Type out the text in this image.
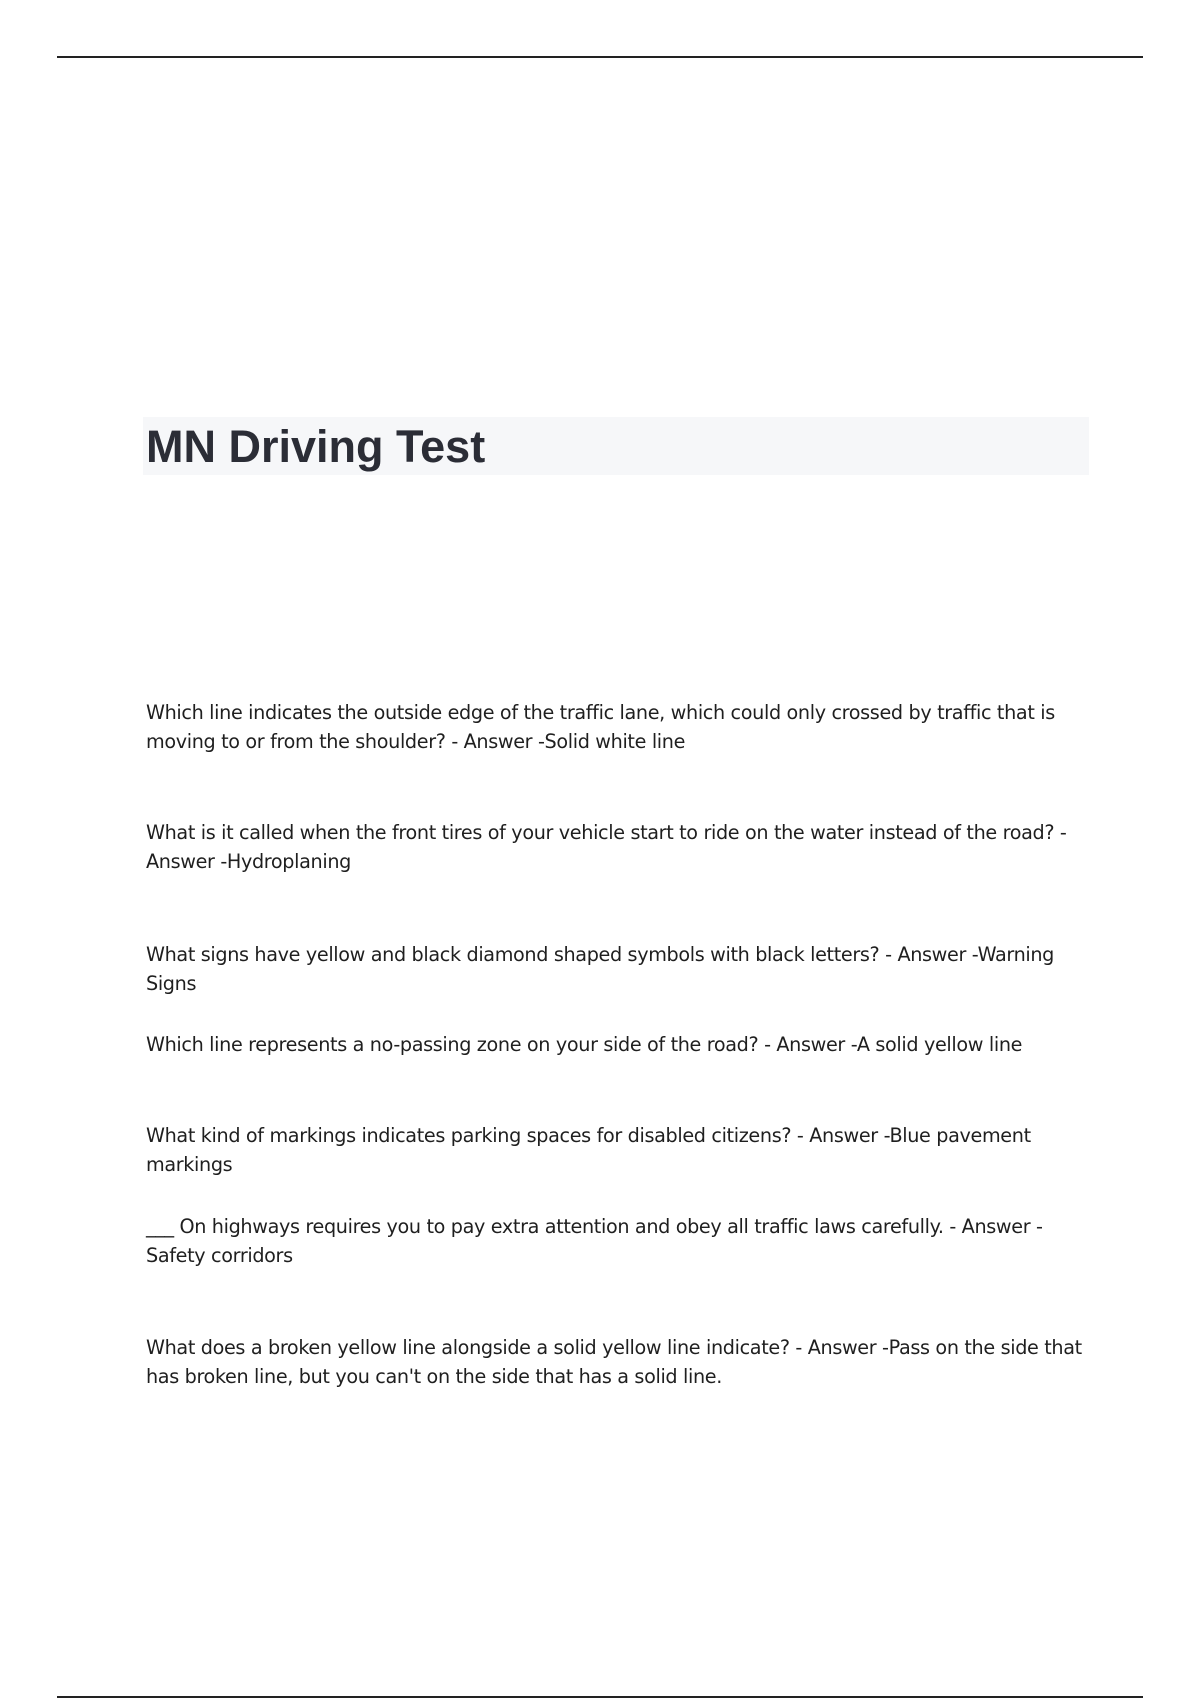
MN Driving Test

Which line indicates the outside edge of the traffic lane, which could only crossed by traffic that is moving to or from the shoulder? - Answer -Solid white line

What is it called when the front tires of your vehicle start to ride on the water instead of the road? - Answer -Hydroplaning

What signs have yellow and black diamond shaped symbols with black letters? - Answer -Warning Signs

Which line represents a no-passing zone on your side of the road? - Answer -A solid yellow line

What kind of markings indicates parking spaces for disabled citizens? - Answer -Blue pavement markings

___ On highways requires you to pay extra attention and obey all traffic laws carefully. - Answer -Safety corridors

What does a broken yellow line alongside a solid yellow line indicate? - Answer -Pass on the side that has broken line, but you can't on the side that has a solid line.
